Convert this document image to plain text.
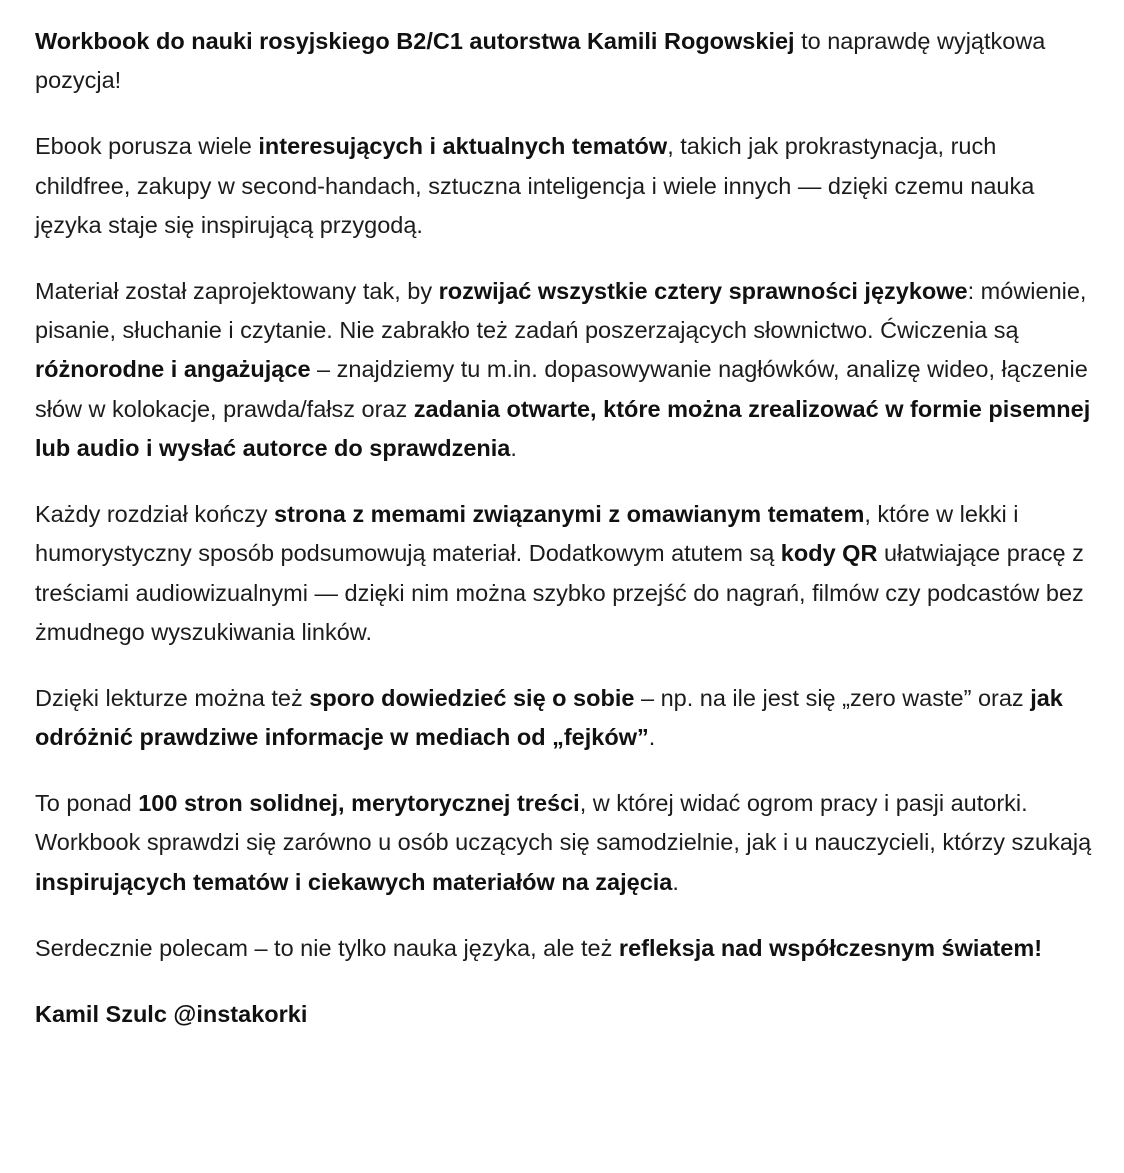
Workbook do nauki rosyjskiego B2/C1 autorstwa Kamili Rogowskiej to naprawdę wyjątkowa pozycja!

Ebook porusza wiele interesujących i aktualnych tematów, takich jak prokrastynacja, ruch childfree, zakupy w second-handach, sztuczna inteligencja i wiele innych — dzięki czemu nauka języka staje się inspirującą przygodą.

Materiał został zaprojektowany tak, by rozwijać wszystkie cztery sprawności językowe: mówienie, pisanie, słuchanie i czytanie. Nie zabrakło też zadań poszerzających słownictwo. Ćwiczenia są różnorodne i angażujące – znajdziemy tu m.in. dopasowywanie nagłówków, analizę wideo, łączenie słów w kolokacje, prawda/fałsz oraz zadania otwarte, które można zrealizować w formie pisemnej lub audio i wysłać autorce do sprawdzenia.

Każdy rozdział kończy strona z memami związanymi z omawianym tematem, które w lekki i humorystyczny sposób podsumowują materiał. Dodatkowym atutem są kody QR ułatwiające pracę z treściami audiowizualnymi — dzięki nim można szybko przejść do nagrań, filmów czy podcastów bez żmudnego wyszukiwania linków.

Dzięki lekturze można też sporo dowiedzieć się o sobie – np. na ile jest się „zero waste” oraz jak odróżnić prawdziwe informacje w mediach od „fejków”.

To ponad 100 stron solidnej, merytorycznej treści, w której widać ogrom pracy i pasji autorki. Workbook sprawdzi się zarówno u osób uczących się samodzielnie, jak i u nauczycieli, którzy szukają inspirujących tematów i ciekawych materiałów na zajęcia.

Serdecznie polecam – to nie tylko nauka języka, ale też refleksja nad współczesnym światem!

Kamil Szulc @instakorki
